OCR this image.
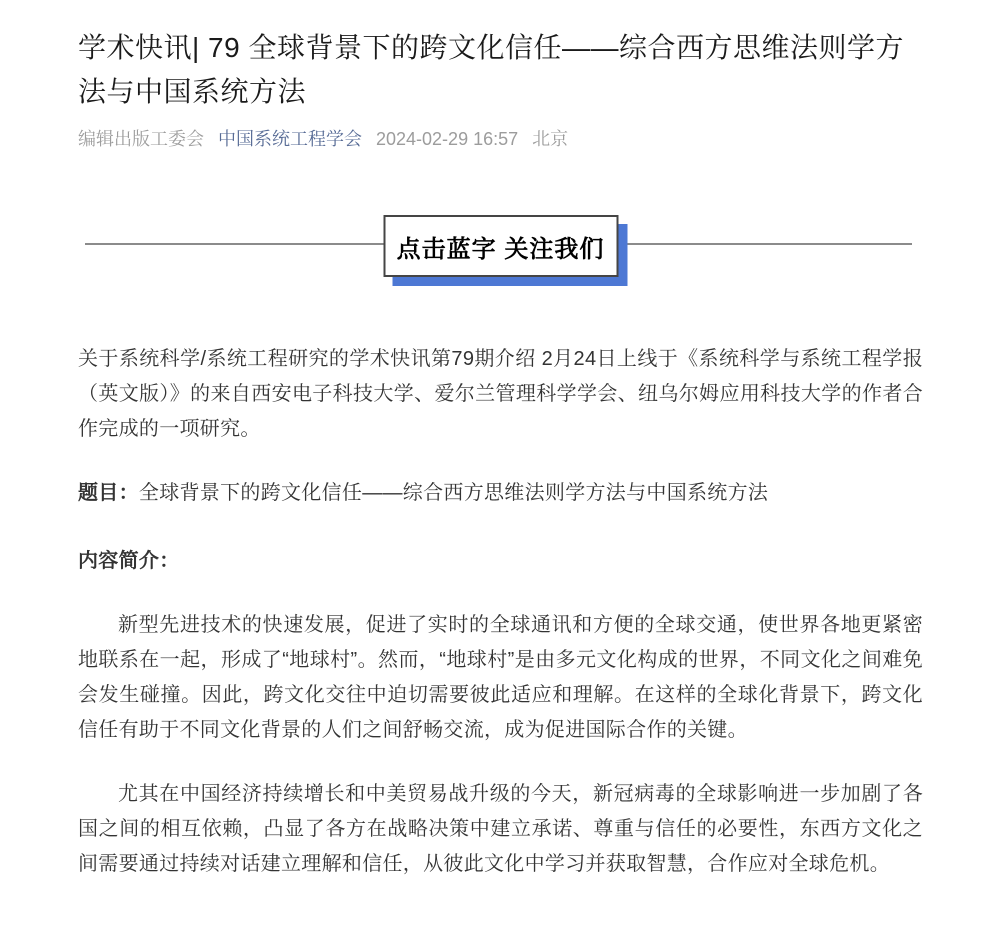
学术快讯| 79 全球背景下的跨文化信任——综合西方思维法则学方法与中国系统方法
编辑出版工委会 中国系统工程学会 2024-02-29 16:57 北京
点击蓝字 关注我们

关于系统科学/系统工程研究的学术快讯第79期介绍 2月24日上线于《系统科学与系统工程学报（英文版）》的来自西安电子科技大学、爱尔兰管理科学学会、纽乌尔姆应用科技大学的作者合作完成的一项研究。

题目：全球背景下的跨文化信任——综合西方思维法则学方法与中国系统方法

内容简介：

新型先进技术的快速发展，促进了实时的全球通讯和方便的全球交通，使世界各地更紧密地联系在一起，形成了“地球村”。然而，“地球村”是由多元文化构成的世界，不同文化之间难免会发生碰撞。因此，跨文化交往中迫切需要彼此适应和理解。在这样的全球化背景下，跨文化信任有助于不同文化背景的人们之间舒畅交流，成为促进国际合作的关键。

尤其在中国经济持续增长和中美贸易战升级的今天，新冠病毒的全球影响进一步加剧了各国之间的相互依赖，凸显了各方在战略决策中建立承诺、尊重与信任的必要性，东西方文化之间需要通过持续对话建立理解和信任，从彼此文化中学习并获取智慧，合作应对全球危机。
